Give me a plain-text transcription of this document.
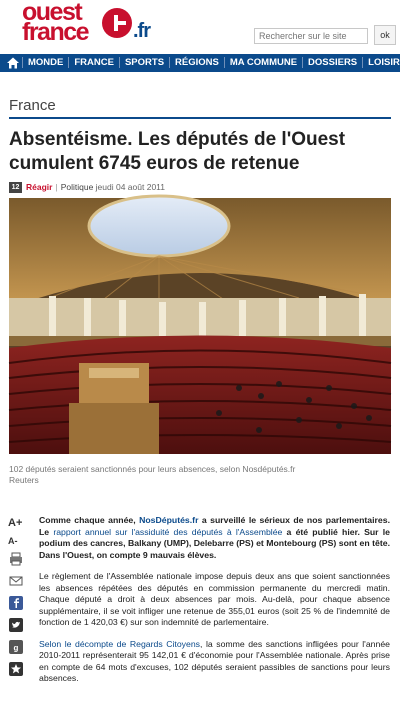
ouest
france .fr
Rechercher sur le site	ok
MONDE FRANCE SPORTS RÉGIONS MA COMMUNE DOSSIERS LOISIRS
France
Absentéisme. Les députés de l'Ouest cumulent 6745 euros de retenue
12 Réagir | Politique jeudi 04 août 2011
102 députés seraient sanctionnés pour leurs absences, selon Nosdéputés.fr
Reuters
A+
A-
g

Comme chaque année, NosDéputés.fr a surveillé le sérieux de nos parlementaires. Le rapport annuel sur l'assiduité des députés à l'Assemblée a été publié hier. Sur le podium des cancres, Balkany (UMP), Delebarre (PS) et Montebourg (PS) sont en tête. Dans l'Ouest, on compte 9 mauvais élèves.

Le règlement de l'Assemblée nationale impose depuis deux ans que soient sanctionnées les absences répétées des députés en commission permanente du mercredi matin. Chaque député a droit à deux absences par mois. Au-delà, pour chaque absence supplémentaire, il se voit infliger une retenue de 355,01 euros (soit 25 % de l'indemnité de fonction de 1 420,03 €) sur son indemnité de parlementaire.

Selon le décompte de Regards Citoyens, la somme des sanctions infligées pour l'année 2010-2011 représenterait 95 142,01 € d'économie pour l'Assemblée nationale. Après prise en compte de 64 mots d'excuses, 102 députés seraient passibles de sanctions pour leurs absences.
